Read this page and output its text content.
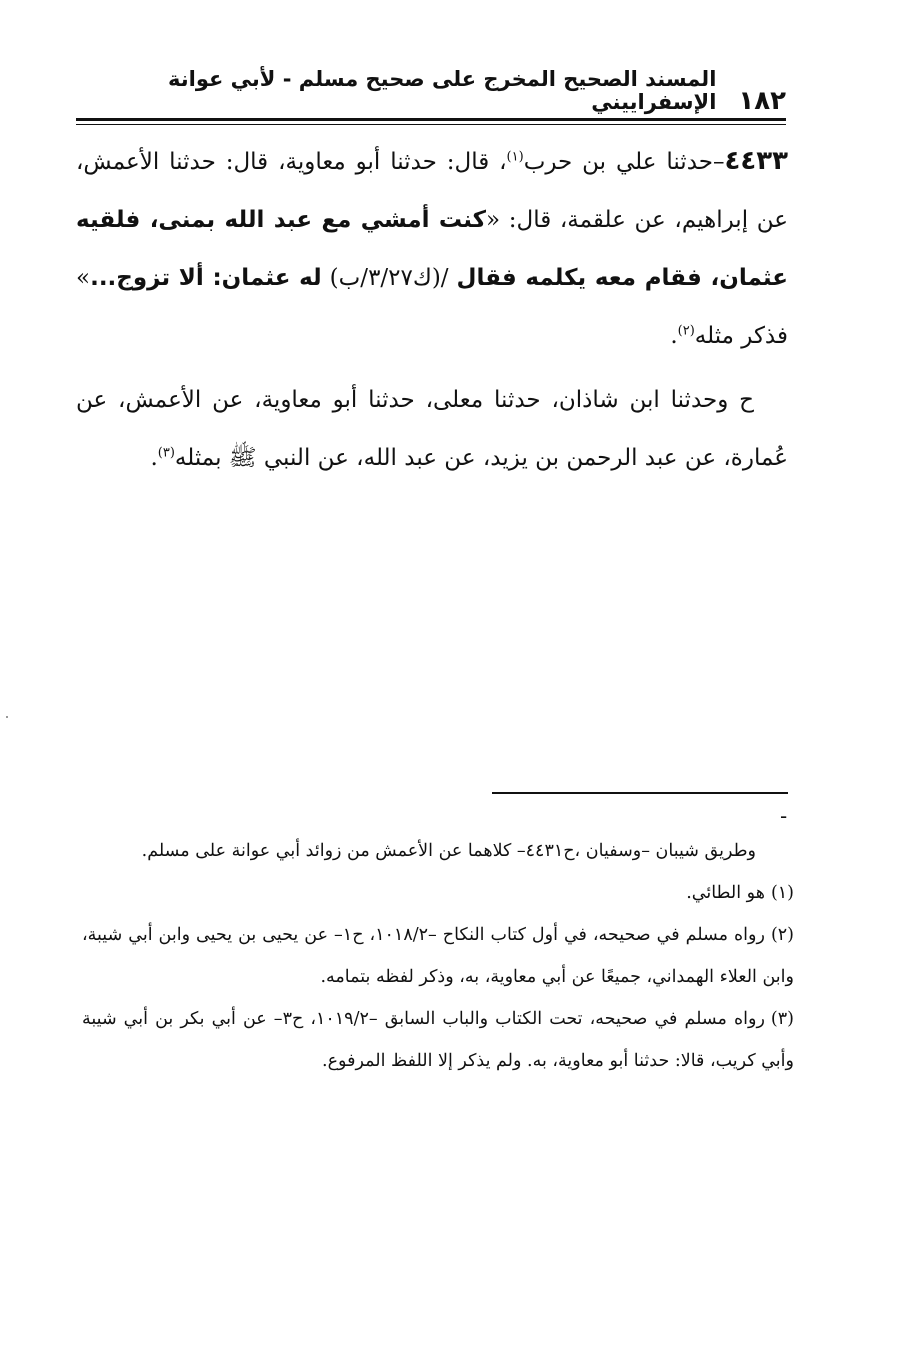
١٨٢
المسند الصحيح المخرج على صحيح مسلم - لأبي عوانة الإسفراييني

٤٤٣٣–حدثنا علي بن حرب$^{(١)}$، قال: حدثنا أبو معاوية، قال: حدثنا الأعمش، عن إبراهيم، عن علقمة، قال: «كنت أمشي مع عبد الله بمنى، فلقيه عثمان، فقام معه يكلمه فقال /(ك٣/٢٧/ب) له عثمان: ألا تزوج...» فذكر مثله$^{(٢)}$.

ح وحدثنا ابن شاذان، حدثنا معلى، حدثنا أبو معاوية، عن الأعمش، عن عُمارة، عن عبد الرحمن بن يزيد، عن عبد الله، عن النبي ﷺ بمثله$^{(٣)}$.

-

وطريق شيبان –وسفيان ،ح٤٤٣١– كلاهما عن الأعمش من زوائد أبي عوانة على مسلم.

(١)هو الطائي.

(٢)رواه مسلم في صحيحه، في أول كتاب النكاح –١٠١٨/٢، ح١– عن يحيى بن يحيى وابن أبي شيبة، وابن العلاء الهمداني، جميعًا عن أبي معاوية، به، وذكر لفظه بتمامه.

(٣)رواه مسلم في صحيحه، تحت الكتاب والباب السابق –١٠١٩/٢، ح٣– عن أبي بكر بن أبي شيبة وأبي كريب، قالا: حدثنا أبو معاوية، به. ولم يذكر إلا اللفظ المرفوع.
